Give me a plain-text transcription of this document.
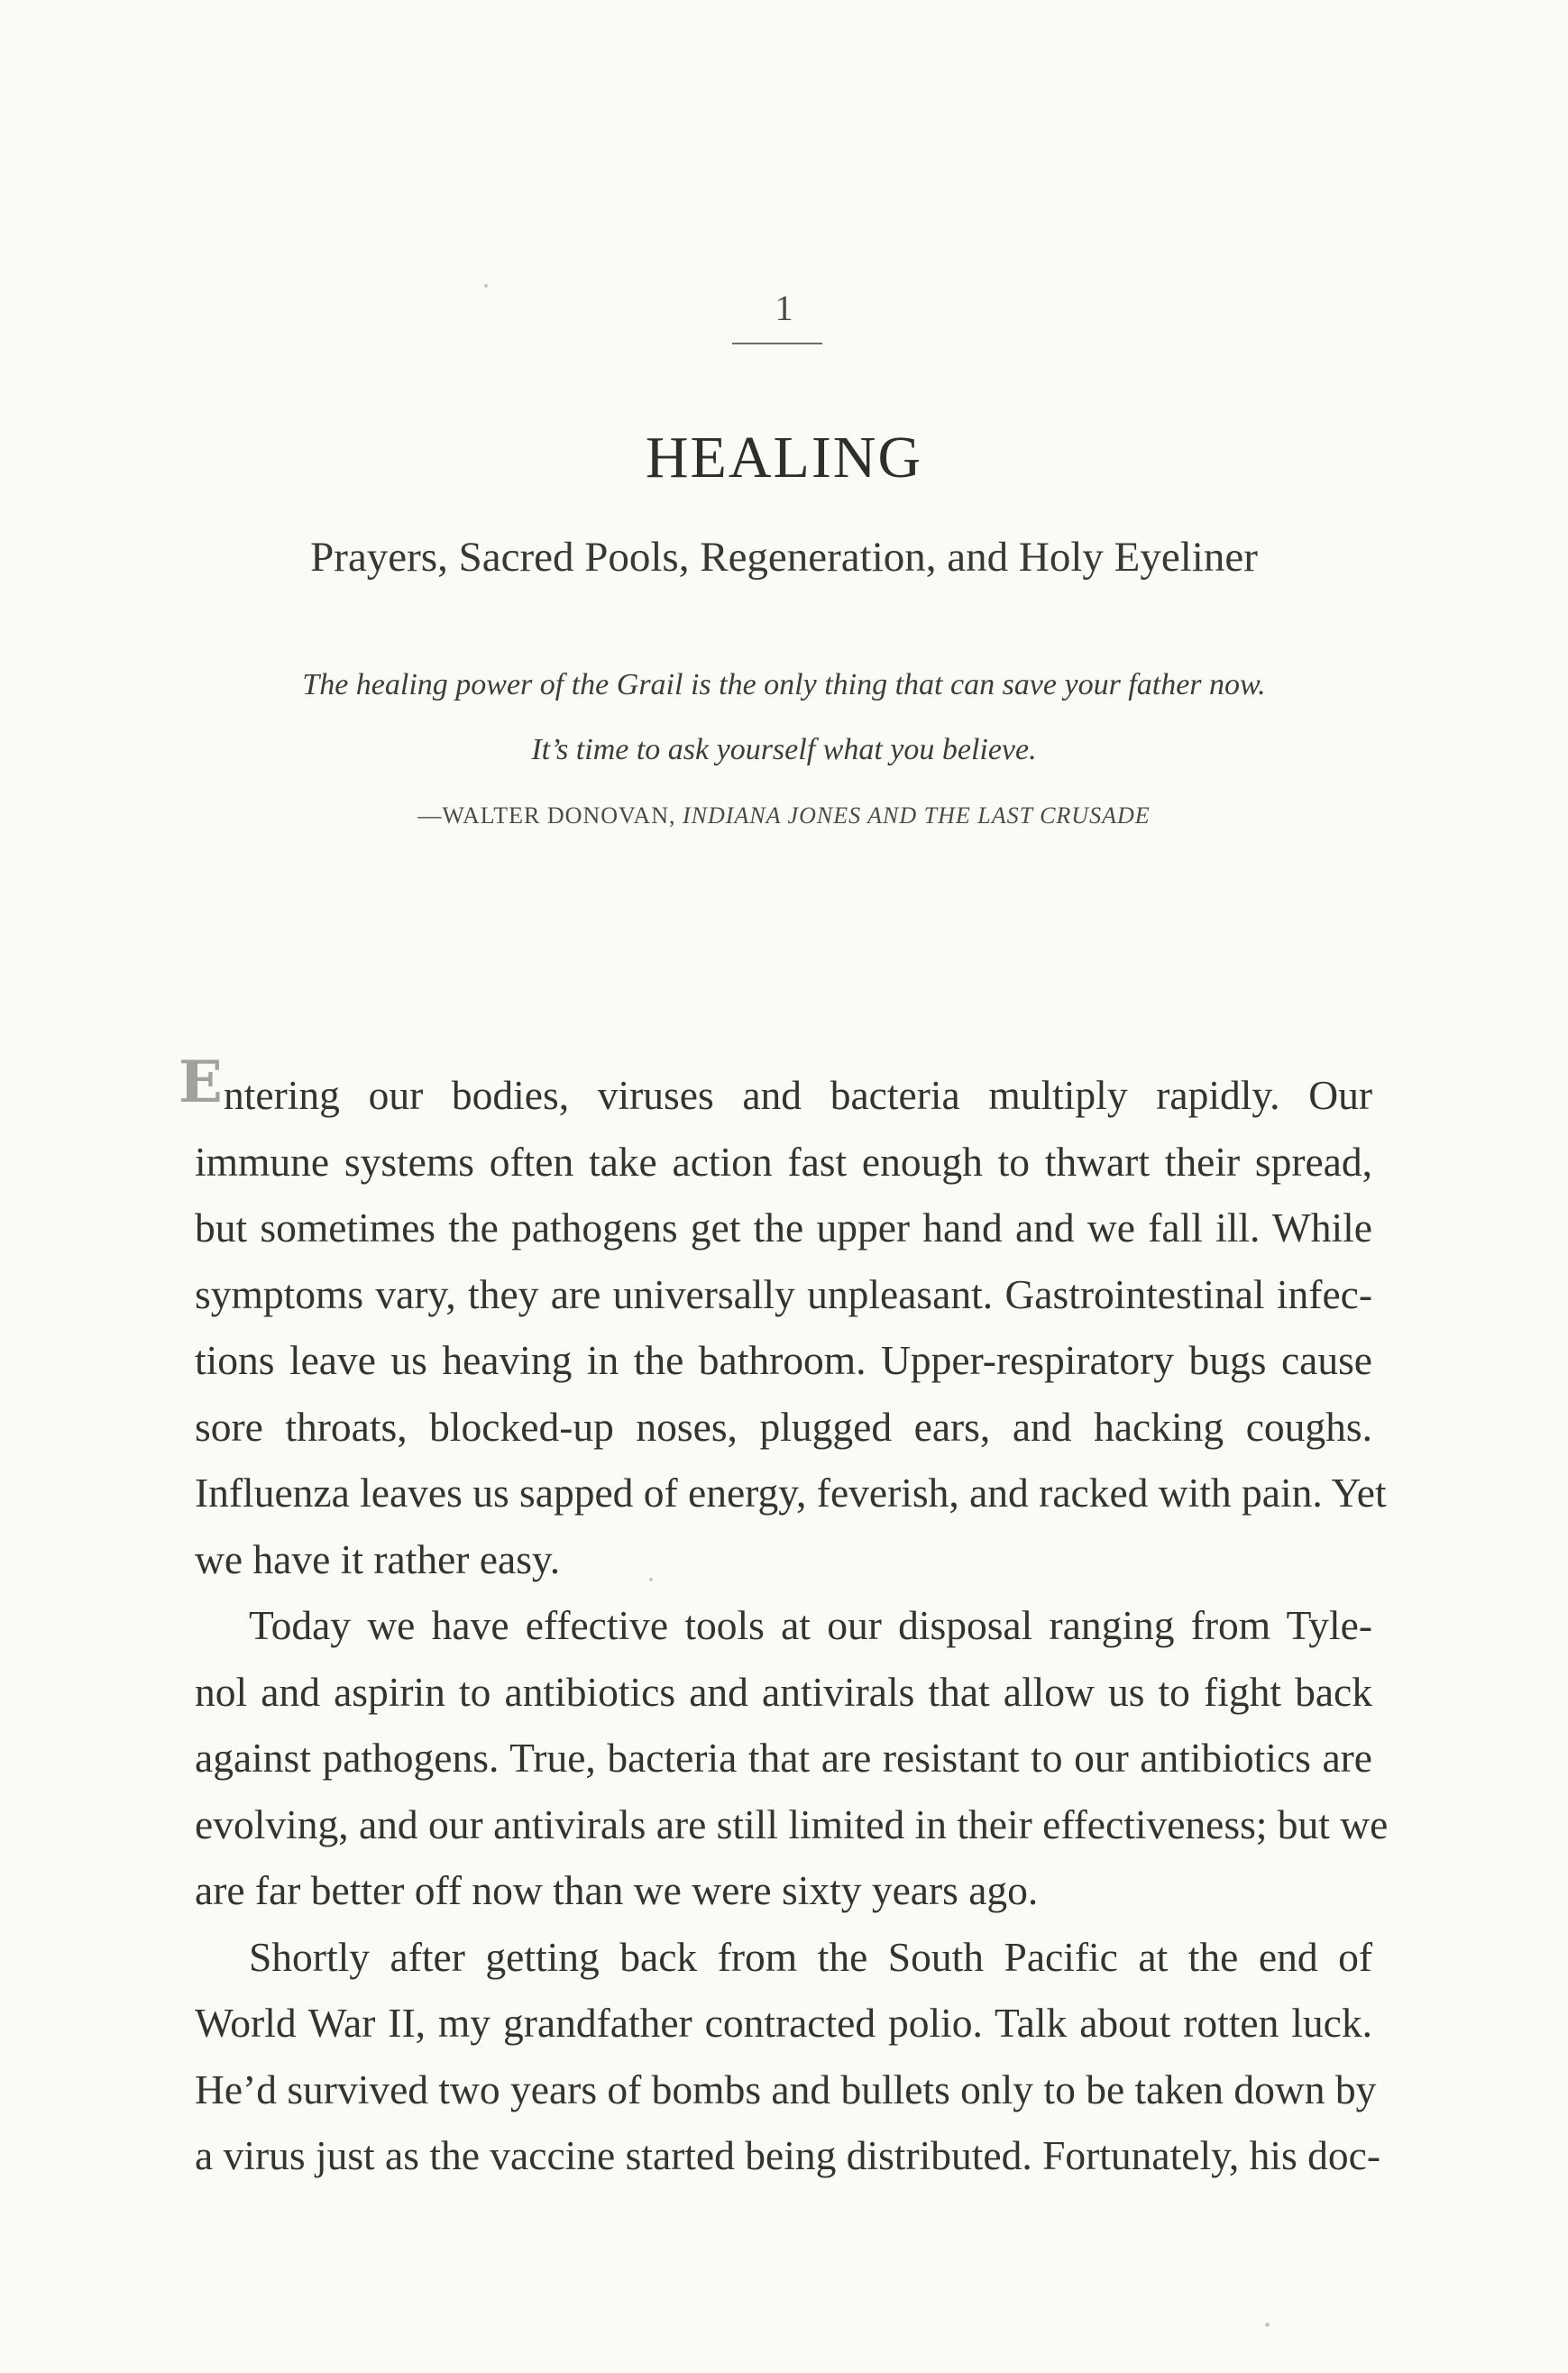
1
HEALING
Prayers, Sacred Pools, Regeneration, and Holy Eyeliner
The healing power of the Grail is the only thing that can save your father now.
It’s time to ask yourself what you believe.
—WALTER DONOVAN, INDIANA JONES AND THE LAST CRUSADE
E ntering our bodies, viruses and bacteria multiply rapidly. Our
immune systems often take action fast enough to thwart their spread,
but sometimes the pathogens get the upper hand and we fall ill. While
symptoms vary, they are universally unpleasant. Gastrointestinal infec-
tions leave us heaving in the bathroom. Upper-respiratory bugs cause
sore throats, blocked-up noses, plugged ears, and hacking coughs.
Influenza leaves us sapped of energy, feverish, and racked with pain. Yet
we have it rather easy.
Today we have effective tools at our disposal ranging from Tyle-
nol and aspirin to antibiotics and antivirals that allow us to fight back
against pathogens. True, bacteria that are resistant to our antibiotics are
evolving, and our antivirals are still limited in their effectiveness; but we
are far better off now than we were sixty years ago.
Shortly after getting back from the South Pacific at the end of
World War II, my grandfather contracted polio. Talk about rotten luck.
He’d survived two years of bombs and bullets only to be taken down by
a virus just as the vaccine started being distributed. Fortunately, his doc-
